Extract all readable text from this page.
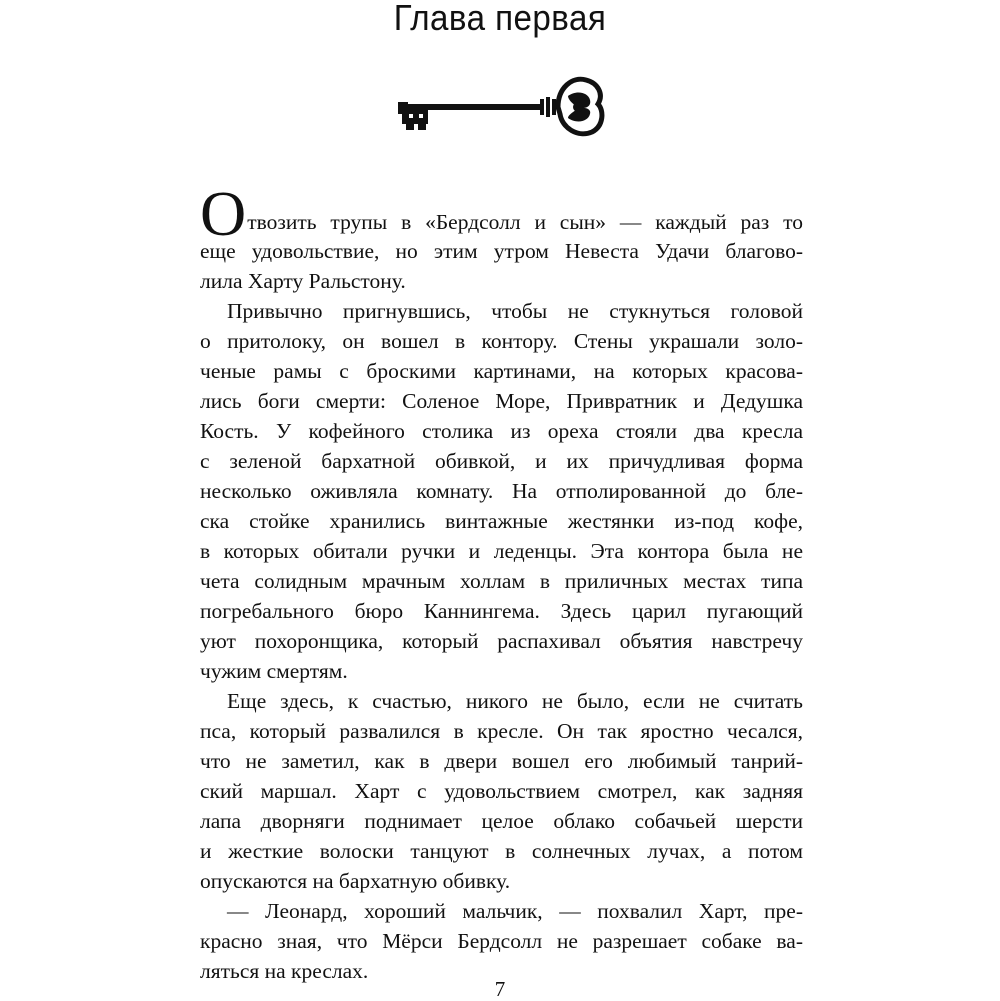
Глава первая
Отвозить трупы в «Бердсолл и сын» — каждый раз то
еще удовольствие, но этим утром Невеста Удачи благово-
лила Харту Ральстону.
Привычно пригнувшись, чтобы не стукнуться головой
о притолоку, он вошел в контору. Стены украшали золо-
ченые рамы с броскими картинами, на которых красова-
лись боги смерти: Соленое Море, Привратник и Дедушка
Кость. У кофейного столика из ореха стояли два кресла
с зеленой бархатной обивкой, и их причудливая форма
несколько оживляла комнату. На отполированной до бле-
ска стойке хранились винтажные жестянки из-под кофе,
в которых обитали ручки и леденцы. Эта контора была не
чета солидным мрачным холлам в приличных местах типа
погребального бюро Каннингема. Здесь царил пугающий
уют похоронщика, который распахивал объятия навстречу
чужим смертям.
Еще здесь, к счастью, никого не было, если не считать
пса, который развалился в кресле. Он так яростно чесался,
что не заметил, как в двери вошел его любимый танрий-
ский маршал. Харт с удовольствием смотрел, как задняя
лапа дворняги поднимает целое облако собачьей шерсти
и жесткие волоски танцуют в солнечных лучах, а потом
опускаются на бархатную обивку.
— Леонард, хороший мальчик, — похвалил Харт, пре-
красно зная, что Мёрси Бердсолл не разрешает собаке ва-
ляться на креслах.
7
